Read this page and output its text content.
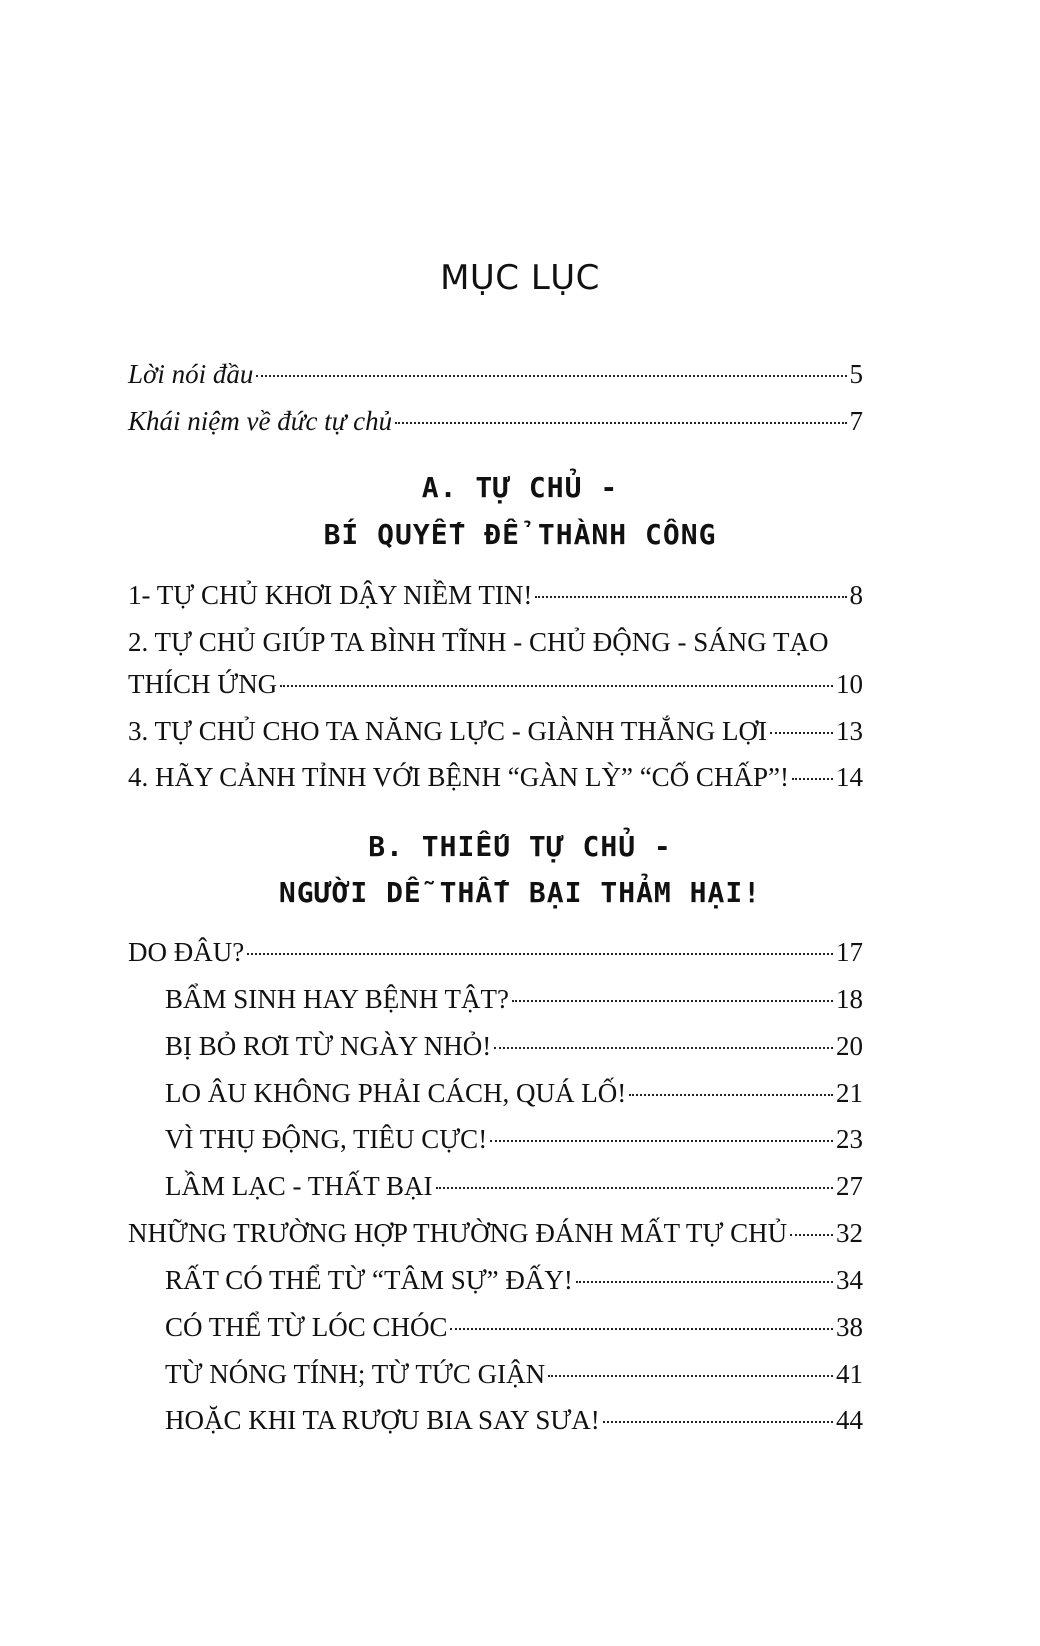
MỤC LỤC
Lời nói đầu	5
Khái niệm về đức tự chủ	7
A. TỰ CHỦ -
BÍ QUYẾT ĐỂ THÀNH CÔNG
1- TỰ CHỦ KHƠI DẬY NIỀM TIN!	8
2. TỰ CHỦ GIÚP TA BÌNH TĨNH - CHỦ ĐỘNG - SÁNG TẠO
THÍCH ỨNG	10
3. TỰ CHỦ CHO TA NĂNG LỰC - GIÀNH THẮNG LỢI	13
4. HÃY CẢNH TỈNH VỚI BỆNH “GÀN LỲ” “CỐ CHẤP”! 14
B. THIẾU TỰ CHỦ -
NGƯỜI DỄ THẤT BẠI THẢM HẠI!
DO ĐÂU?	17
BẨM SINH HAY BỆNH TẬT?	18
BỊ BỎ RƠI TỪ NGÀY NHỎ!	20
LO ÂU KHÔNG PHẢI CÁCH, QUÁ LỐ!	21
VÌ THỤ ĐỘNG, TIÊU CỰC!	23
LẦM LẠC - THẤT BẠI	27
NHỮNG TRƯỜNG HỢP THƯỜNG ĐÁNH MẤT TỰ CHỦ 32
RẤT CÓ THỂ TỪ “TÂM SỰ” ĐẤY!	34
CÓ THỂ TỪ LÓC CHÓC	38
TỪ NÓNG TÍNH; TỪ TỨC GIẬN	41
HOẶC KHI TA RƯỢU BIA SAY SƯA!	44
